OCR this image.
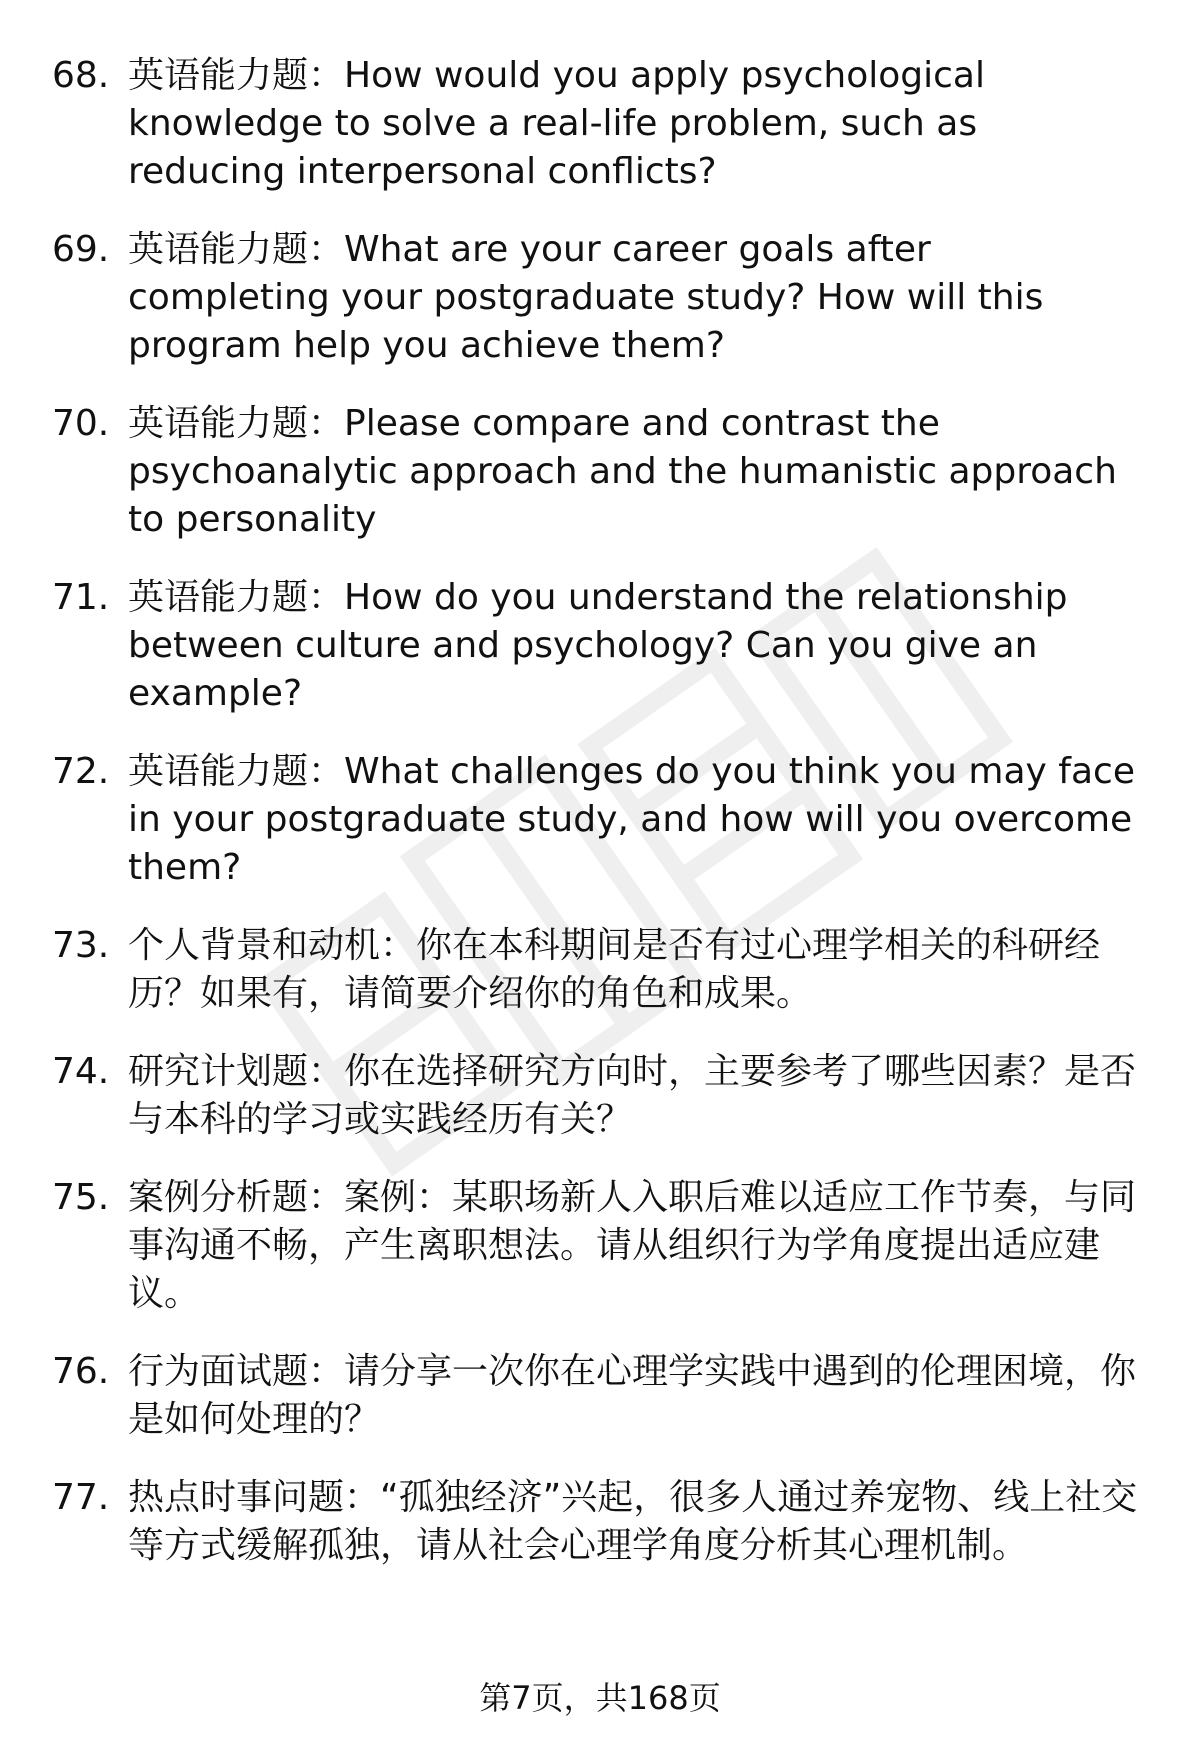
68. 英语能力题：How would you apply psychological knowledge to solve a real-life problem, such as reducing interpersonal conflicts?
69. 英语能力题：What are your career goals after completing your postgraduate study? How will this program help you achieve them?
70. 英语能力题：Please compare and contrast the psychoanalytic approach and the humanistic approach to personality
71. 英语能力题：How do you understand the relationship between culture and psychology? Can you give an example?
72. 英语能力题：What challenges do you think you may face in your postgraduate study, and how will you overcome them?
73. 个人背景和动机：你在本科期间是否有过心理学相关的科研经历？如果有，请简要介绍你的角色和成果。
74. 研究计划题：你在选择研究方向时，主要参考了哪些因素？是否与本科的学习或实践经历有关？
75. 案例分析题：案例：某职场新人入职后难以适应工作节奏，与同事沟通不畅，产生离职想法。请从组织行为学角度提出适应建议。
76. 行为面试题：请分享一次你在心理学实践中遇到的伦理困境，你是如何处理的？
77. 热点时事问题：“孤独经济”兴起，很多人通过养宠物、线上社交等方式缓解孤独，请从社会心理学角度分析其心理机制。
第7页，共168页
